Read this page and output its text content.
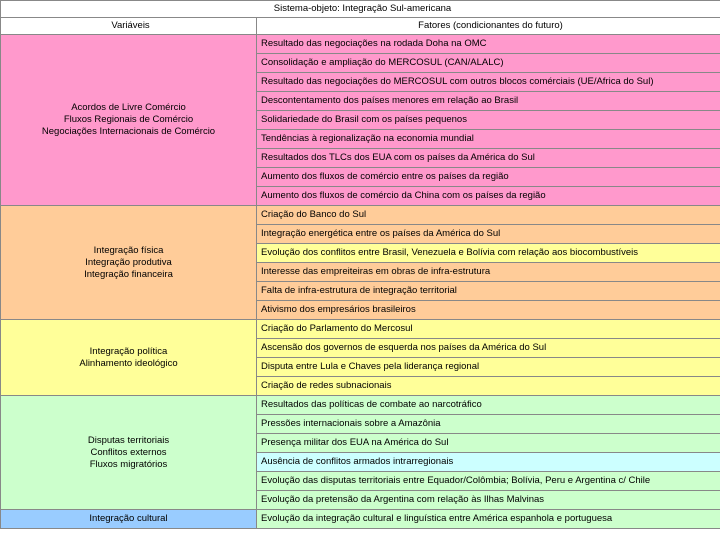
Sistema-objeto: Integração Sul-americana	
Variáveis	Fatores (condicionantes do futuro)

Acordos de Livre Comércio
Fluxos Regionais de Comércio
Negociações Internacionais de Comércio	Resultado das negociações na rodada Doha na OMC
	Consolidação e ampliação do MERCOSUL (CAN/ALALC)
	Resultado das negociações do MERCOSUL com outros blocos comérciais (UE/Africa do Sul)
	Descontentamento dos países menores em relação ao Brasil
	Solidariedade do Brasil com os países pequenos
	Tendências à regionalização na economia mundial
	Resultados dos TLCs dos EUA com os países da América do Sul
	Aumento dos fluxos de comércio entre os países da região
	Aumento dos fluxos de comércio da China com os países da região

Integração física
Integração produtiva
Integração financeira	Criação do Banco do Sul
	Integração energética entre os países da América do Sul
	Evolução dos conflitos entre Brasil, Venezuela e Bolívia com relação aos biocombustíveis
	Interesse das empreiteiras em obras de infra-estrutura
	Falta de infra-estrutura de integração territorial
	Ativismo dos empresários brasileiros

Integração política
Alinhamento ideológico	Criação do Parlamento do Mercosul
	Ascensão dos governos de esquerda nos países da América do Sul
	Disputa entre Lula e Chaves pela liderança regional
	Criação de redes subnacionais

Disputas territoriais
Conflitos externos
Fluxos migratórios	Resultados das políticas de combate ao narcotráfico
	Pressões internacionais sobre a Amazônia
	Presença militar dos EUA na América do Sul
	Ausência de conflitos armados intrarregionais
	Evolução das disputas territoriais entre Equador/Colômbia; Bolívia, Peru e Argentina c/ Chile
	Evolução da pretensão da Argentina com relação às Ilhas Malvinas

Integração cultural	Evolução da integração cultural e linguística entre América espanhola e portuguesa
